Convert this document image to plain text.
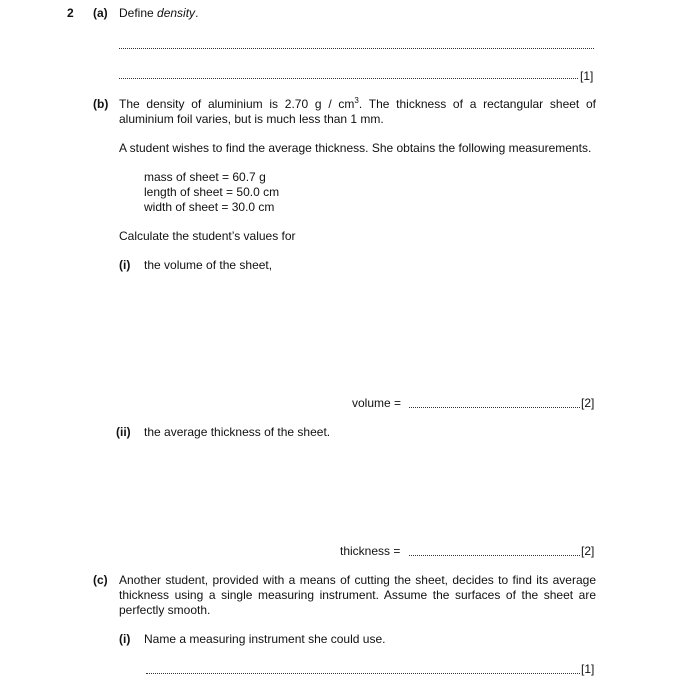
2 (a) Define density.
[1]
(b) The density of aluminium is 2.70 g / $cm^3$. The thickness of a rectangular sheet of aluminium foil varies, but is much less than 1 mm.
A student wishes to find the average thickness. She obtains the following measurements.
mass of sheet = 60.7 g
length of sheet = 50.0 cm
width of sheet = 30.0 cm
Calculate the student’s values for
(i) the volume of the sheet,
volume =	[2]
(ii) the average thickness of the sheet.
thickness =	[2]
(c) Another student, provided with a means of cutting the sheet, decides to find its average thickness using a single measuring instrument. Assume the surfaces of the sheet are perfectly smooth.
(i) Name a measuring instrument she could use.
[1]
